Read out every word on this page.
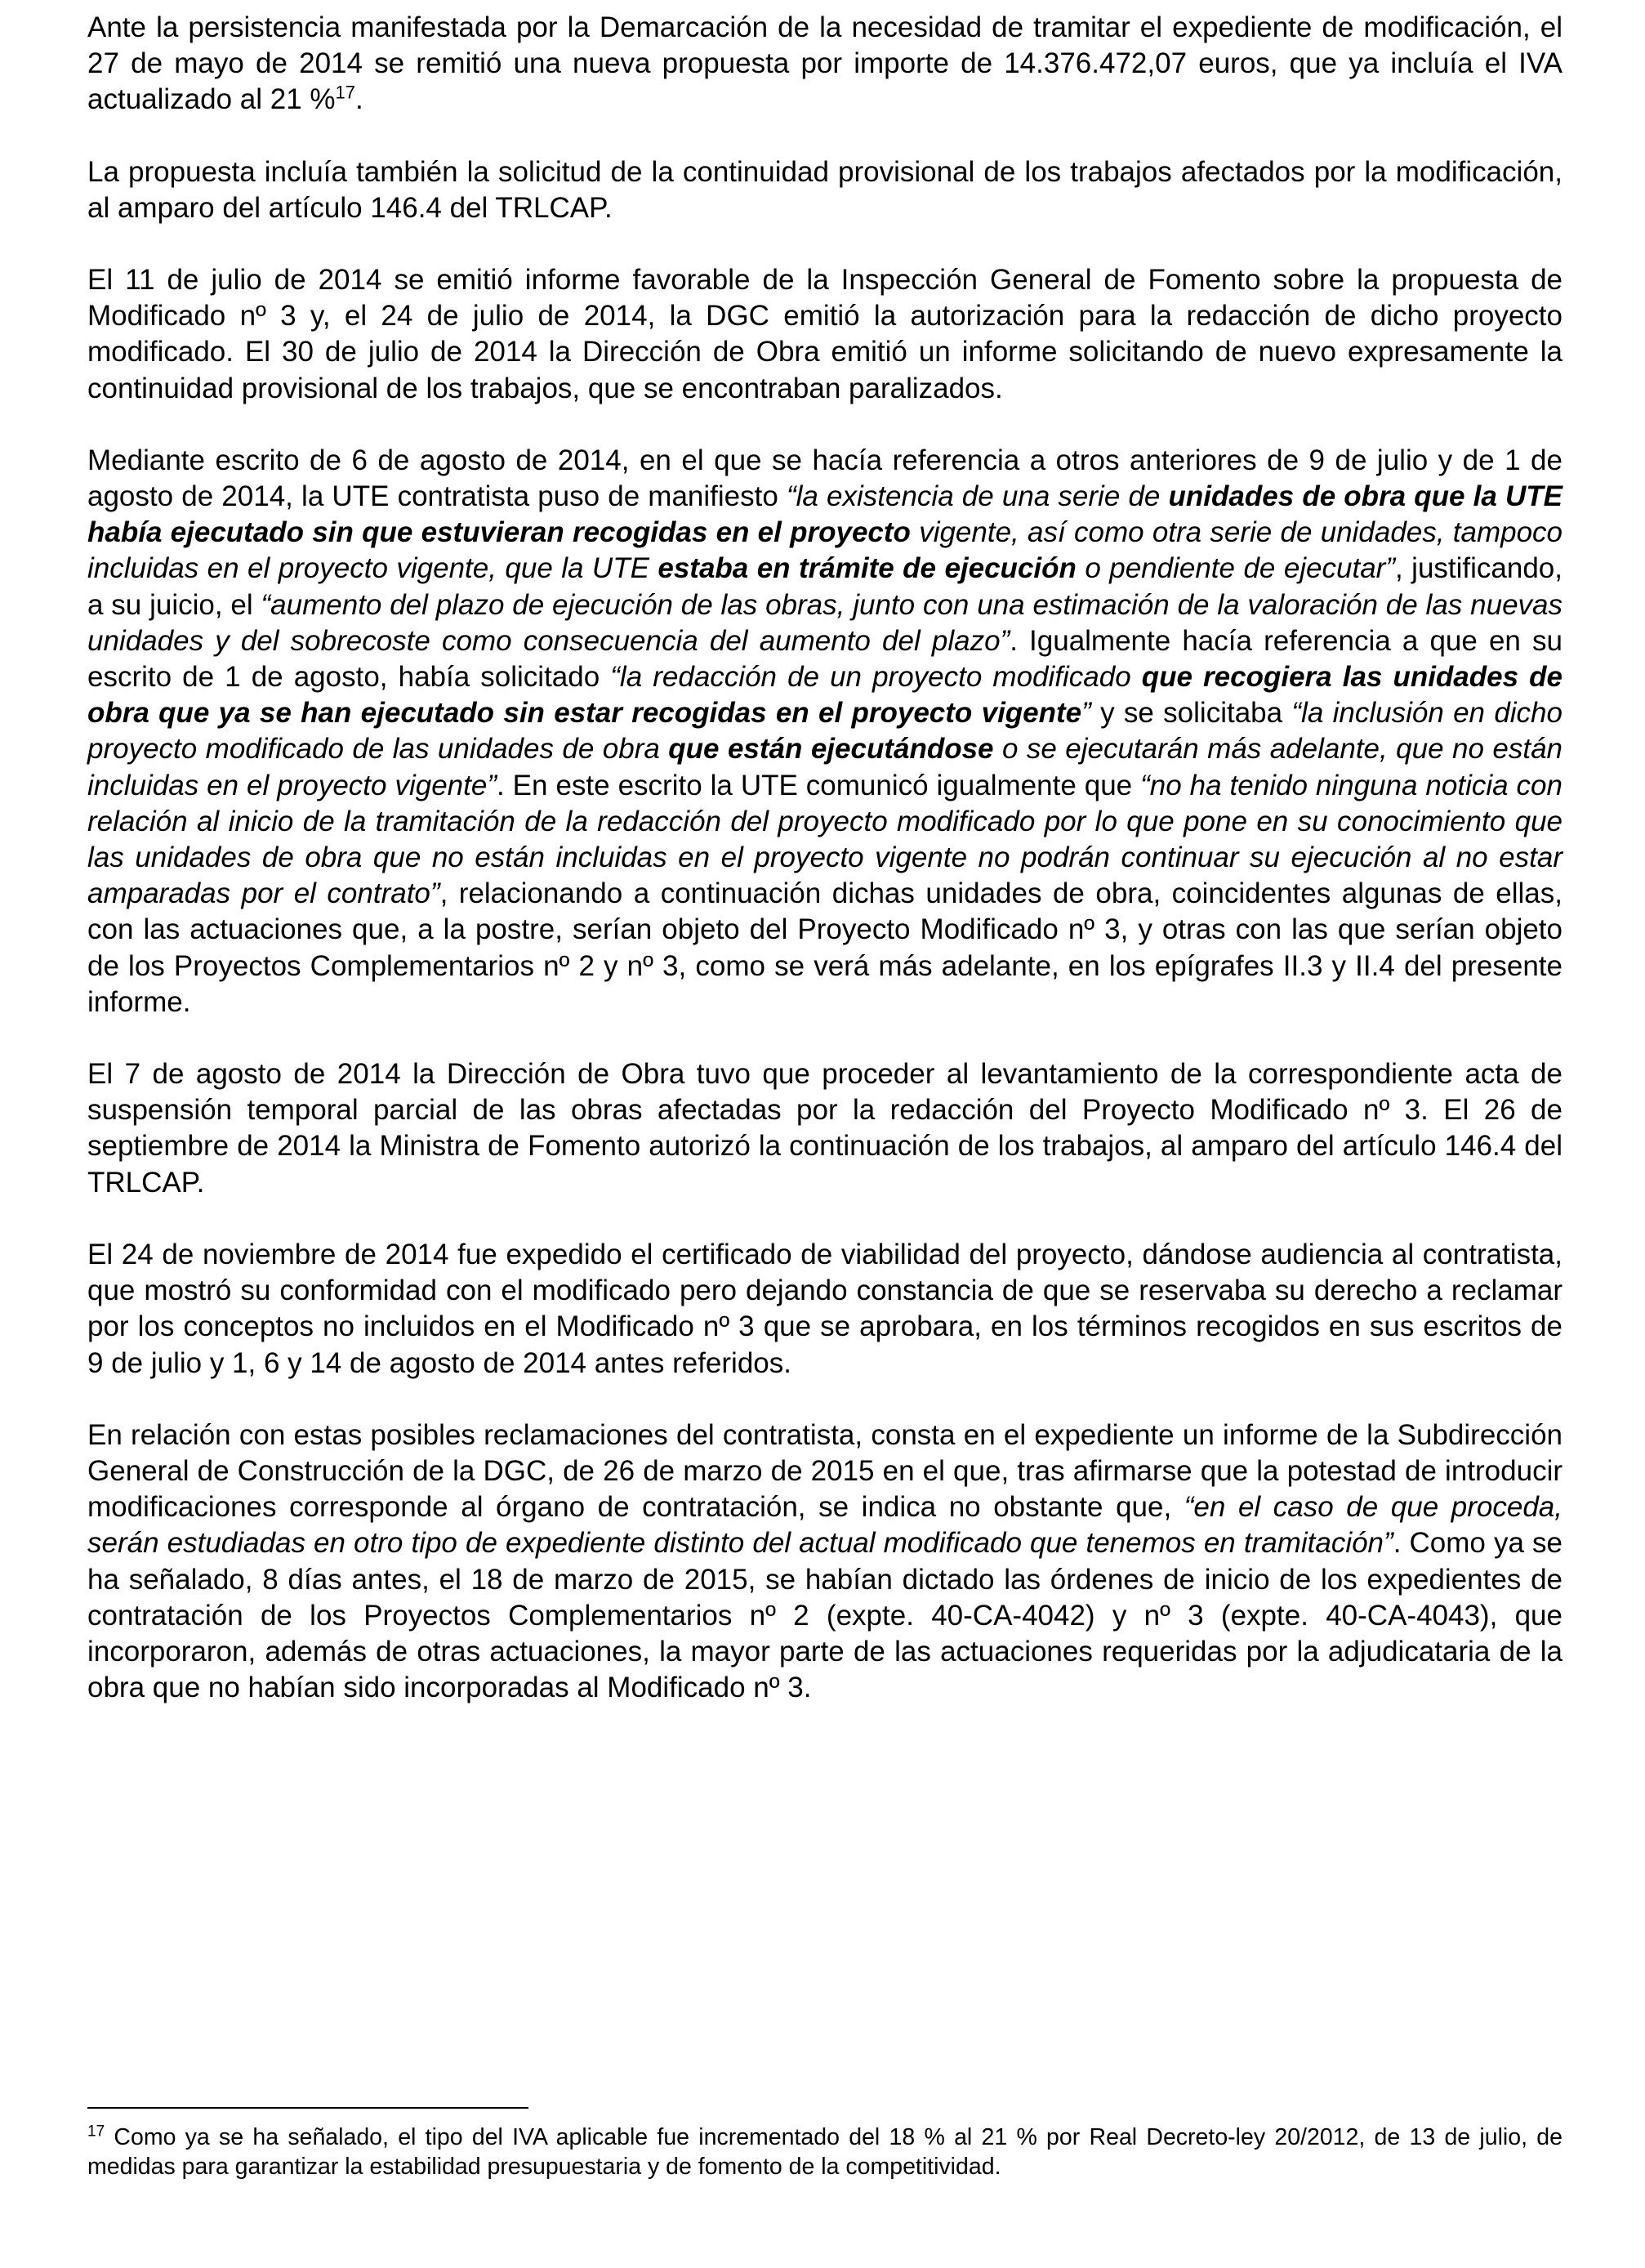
Ante la persistencia manifestada por la Demarcación de la necesidad de tramitar el expediente de modificación, el 27 de mayo de 2014 se remitió una nueva propuesta por importe de 14.376.472,07 euros, que ya incluía el IVA actualizado al 21 %$^{17}$.

La propuesta incluía también la solicitud de la continuidad provisional de los trabajos afectados por la modificación, al amparo del artículo 146.4 del TRLCAP.

El 11 de julio de 2014 se emitió informe favorable de la Inspección General de Fomento sobre la propuesta de Modificado nº 3 y, el 24 de julio de 2014, la DGC emitió la autorización para la redacción de dicho proyecto modificado. El 30 de julio de 2014 la Dirección de Obra emitió un informe solicitando de nuevo expresamente la continuidad provisional de los trabajos, que se encontraban paralizados.

Mediante escrito de 6 de agosto de 2014, en el que se hacía referencia a otros anteriores de 9 de julio y de 1 de agosto de 2014, la UTE contratista puso de manifiesto “la existencia de una serie de unidades de obra que la UTE había ejecutado sin que estuvieran recogidas en el proyecto vigente, así como otra serie de unidades, tampoco incluidas en el proyecto vigente, que la UTE estaba en trámite de ejecución o pendiente de ejecutar”, justificando, a su juicio, el “aumento del plazo de ejecución de las obras, junto con una estimación de la valoración de las nuevas unidades y del sobrecoste como consecuencia del aumento del plazo”. Igualmente hacía referencia a que en su escrito de 1 de agosto, había solicitado “la redacción de un proyecto modificado que recogiera las unidades de obra que ya se han ejecutado sin estar recogidas en el proyecto vigente” y se solicitaba “la inclusión en dicho proyecto modificado de las unidades de obra que están ejecutándose o se ejecutarán más adelante, que no están incluidas en el proyecto vigente”. En este escrito la UTE comunicó igualmente que “no ha tenido ninguna noticia con relación al inicio de la tramitación de la redacción del proyecto modificado por lo que pone en su conocimiento que las unidades de obra que no están incluidas en el proyecto vigente no podrán continuar su ejecución al no estar amparadas por el contrato”, relacionando a continuación dichas unidades de obra, coincidentes algunas de ellas, con las actuaciones que, a la postre, serían objeto del Proyecto Modificado nº 3, y otras con las que serían objeto de los Proyectos Complementarios nº 2 y nº 3, como se verá más adelante, en los epígrafes II.3 y II.4 del presente informe.

El 7 de agosto de 2014 la Dirección de Obra tuvo que proceder al levantamiento de la correspondiente acta de suspensión temporal parcial de las obras afectadas por la redacción del Proyecto Modificado nº 3. El 26 de septiembre de 2014 la Ministra de Fomento autorizó la continuación de los trabajos, al amparo del artículo 146.4 del TRLCAP.

El 24 de noviembre de 2014 fue expedido el certificado de viabilidad del proyecto, dándose audiencia al contratista, que mostró su conformidad con el modificado pero dejando constancia de que se reservaba su derecho a reclamar por los conceptos no incluidos en el Modificado nº 3 que se aprobara, en los términos recogidos en sus escritos de 9 de julio y 1, 6 y 14 de agosto de 2014 antes referidos.

En relación con estas posibles reclamaciones del contratista, consta en el expediente un informe de la Subdirección General de Construcción de la DGC, de 26 de marzo de 2015 en el que, tras afirmarse que la potestad de introducir modificaciones corresponde al órgano de contratación, se indica no obstante que, “en el caso de que proceda, serán estudiadas en otro tipo de expediente distinto del actual modificado que tenemos en tramitación”. Como ya se ha señalado, 8 días antes, el 18 de marzo de 2015, se habían dictado las órdenes de inicio de los expedientes de contratación de los Proyectos Complementarios nº 2 (expte. 40-CA-4042) y nº 3 (expte. 40-CA-4043), que incorporaron, además de otras actuaciones, la mayor parte de las actuaciones requeridas por la adjudicataria de la obra que no habían sido incorporadas al Modificado nº 3.

$^{17}$ Como ya se ha señalado, el tipo del IVA aplicable fue incrementado del 18 % al 21 % por Real Decreto-ley 20/2012, de 13 de julio, de medidas para garantizar la estabilidad presupuestaria y de fomento de la competitividad.
